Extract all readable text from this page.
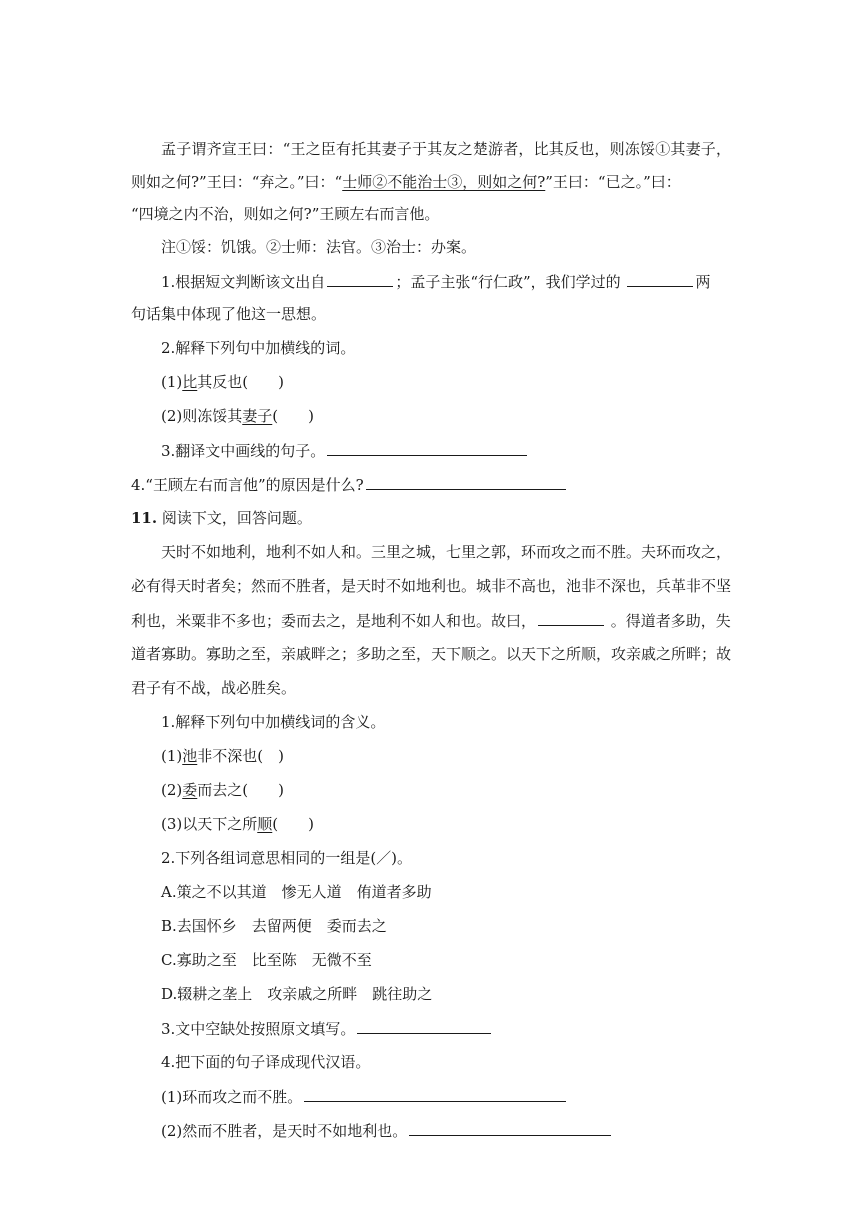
孟子谓齐宣王曰：“王之臣有托其妻子于其友之楚游者，比其反也，则冻馁①其妻子，
则如之何?”王曰：“弃之。”曰：“士师②不能治士③，则如之何?”王曰：“已之。”曰：
“四境之内不治，则如之何?”王顾左右而言他。
注①馁：饥饿。②士师：法官。③治士：办案。
1.根据短文判断该文出自	；孟子主张“行仁政”，我们学过的	两
句话集中体现了他这一思想。
2.解释下列句中加横线的词。
(1)比其反也(　　)
(2)则冻馁其妻子(　　)
3.翻译文中画线的句子。
4.“王顾左右而言他”的原因是什么?
11. 阅读下文，回答问题。
天时不如地利，地利不如人和。三里之城，七里之郭，环而攻之而不胜。夫环而攻之，
必有得天时者矣；然而不胜者，是天时不如地利也。城非不高也，池非不深也，兵革非不坚
利也，米粟非不多也；委而去之，是地利不如人和也。故曰，	。得道者多助，失
道者寡助。寡助之至，亲戚畔之；多助之至，天下顺之。以天下之所顺，攻亲戚之所畔；故
君子有不战，战必胜矣。
1.解释下列句中加横线词的含义。
(1)池非不深也(　)
(2)委而去之(　　)
(3)以天下之所顺(　　)
2.下列各组词意思相同的一组是(／)。
A.策之不以其道　惨无人道　侑道者多助
B.去国怀乡　去留两便　委而去之
C.寡助之至　比至陈　无微不至
D.辍耕之垄上　攻亲戚之所畔　跳往助之
3.文中空缺处按照原文填写。
4.把下面的句子译成现代汉语。
(1)环而攻之而不胜。
(2)然而不胜者，是天时不如地利也。
